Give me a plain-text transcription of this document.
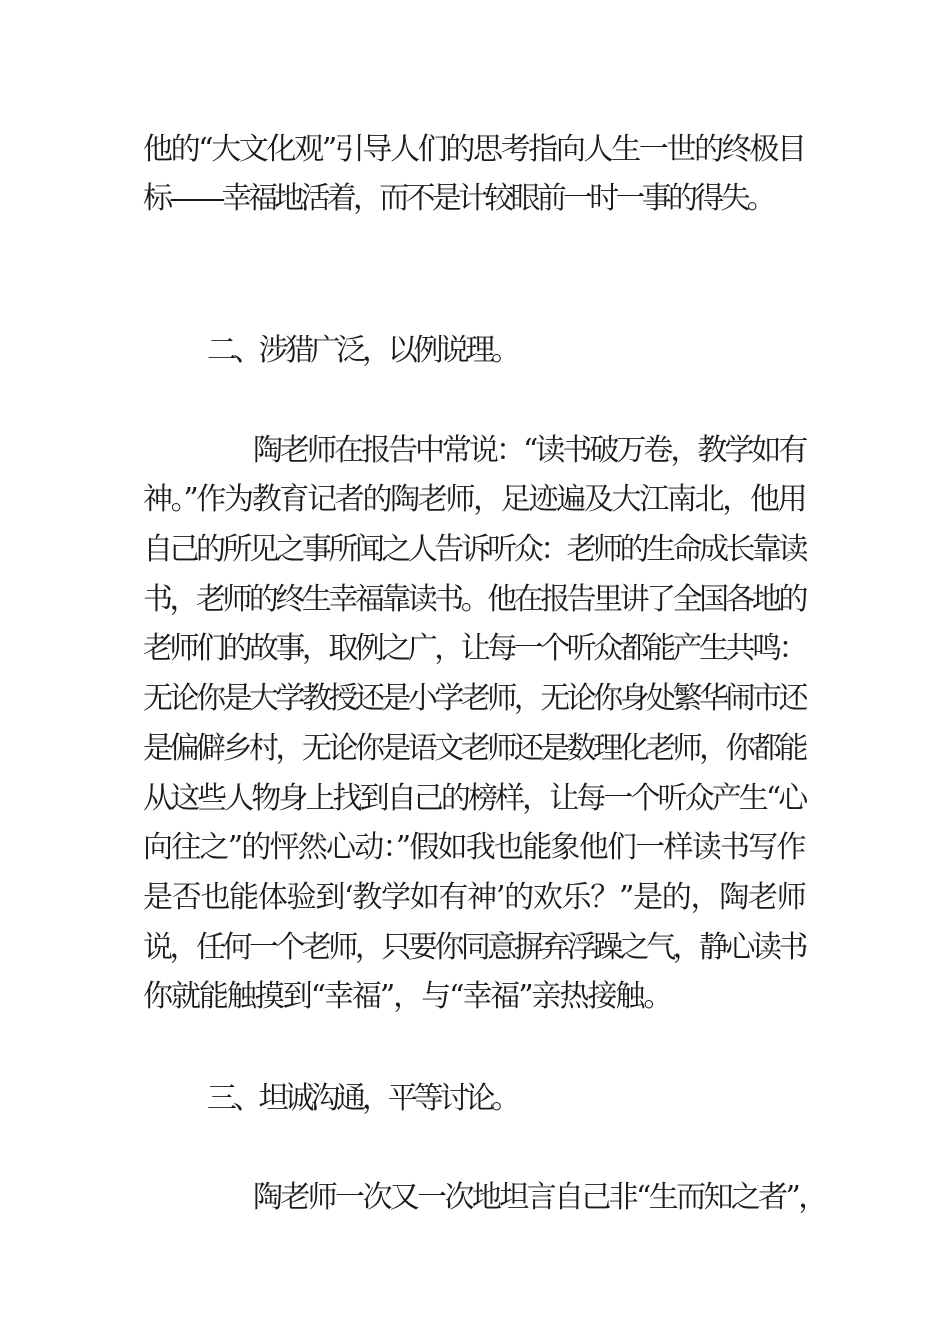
他的“大文化观”引导人们的思考指向人生一世的终极目
标——幸福地活着，而不是计较眼前一时一事的得失。
二、涉猎广泛，以例说理。
陶老师在报告中常说：“读书破万卷，教学如有
神。”作为教育记者的陶老师，足迹遍及大江南北，他用
自己的所见之事所闻之人告诉听众：老师的生命成长靠读
书，老师的终生幸福靠读书。他在报告里讲了全国各地的
老师们的故事，取例之广，让每一个听众都能产生共鸣：
无论你是大学教授还是小学老师，无论你身处繁华闹市还
是偏僻乡村，无论你是语文老师还是数理化老师，你都能
从这些人物身上找到自己的榜样，让每一个听众产生“心
向往之”的怦然心动：”假如我也能象他们一样读书写作
是否也能体验到‘教学如有神’的欢乐？”是的，陶老师
说，任何一个老师，只要你同意摒弃浮躁之气，静心读书
你就能触摸到“幸福”，与“幸福”亲热接触。
三、坦诚沟通，平等讨论。
陶老师一次又一次地坦言自己非“生而知之者”，
